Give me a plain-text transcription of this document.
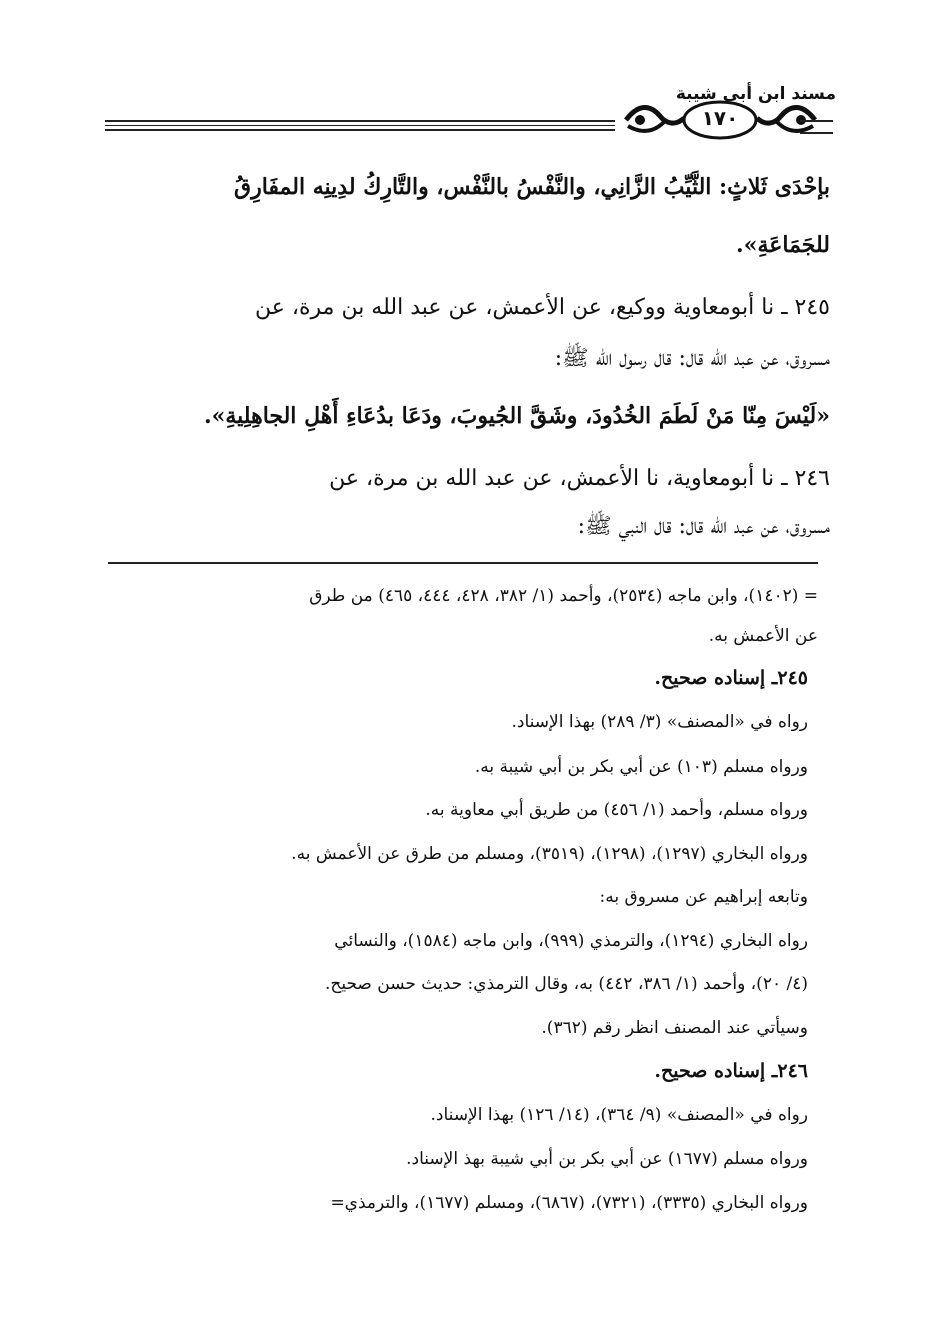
مسند ابن أبي شيبة
١٧٠
بإحْدَى ثَلاثٍ: الثَّيِّبُ الزَّانِي، والنَّفْسُ بالنَّفْس، والتَّارِكُ لدِينِه المفَارِقُ
للجَمَاعَةِ».
٢٤٥ ـ نا أبومعاوية ووكيع، عن الأعمش، عن عبد الله بن مرة، عن
مسروق، عن عبد الله قال: قال رسول الله ﷺ:
«لَيْسَ مِنّا مَنْ لَطَمَ الخُدُودَ، وشَقَّ الجُيوبَ، ودَعَا بدُعَاءِ أَهْلِ الجاهِلِيةِ».
٢٤٦ ـ نا أبومعاوية، نا الأعمش، عن عبد الله بن مرة، عن
مسروق، عن عبد الله قال: قال النبي ﷺ:
= (١٤٠٢)، وابن ماجه (٢٥٣٤)، وأحمد (١/ ٣٨٢، ٤٢٨، ٤٤٤، ٤٦٥) من طرق
عن الأعمش به.
٢٤٥ـ إسناده صحيح.
رواه في «المصنف» (٣/ ٢٨٩) بهذا الإسناد.
ورواه مسلم (١٠٣) عن أبي بكر بن أبي شيبة به.
ورواه مسلم، وأحمد (١/ ٤٥٦) من طريق أبي معاوية به.
ورواه البخاري (١٢٩٧)، (١٢٩٨)، (٣٥١٩)، ومسلم من طرق عن الأعمش به.
وتابعه إبراهيم عن مسروق به:
رواه البخاري (١٢٩٤)، والترمذي (٩٩٩)، وابن ماجه (١٥٨٤)، والنسائي
(٤/ ٢٠)، وأحمد (١/ ٣٨٦، ٤٤٢) به، وقال الترمذي: حديث حسن صحيح.
وسيأتي عند المصنف انظر رقم (٣٦٢).
٢٤٦ـ إسناده صحيح.
رواه في «المصنف» (٩/ ٣٦٤)، (١٤/ ١٢٦) بهذا الإسناد.
ورواه مسلم (١٦٧٧) عن أبي بكر بن أبي شيبة بهذ الإسناد.
ورواه البخاري (٣٣٣٥)، (٧٣٢١)، (٦٨٦٧)، ومسلم (١٦٧٧)، والترمذي=
